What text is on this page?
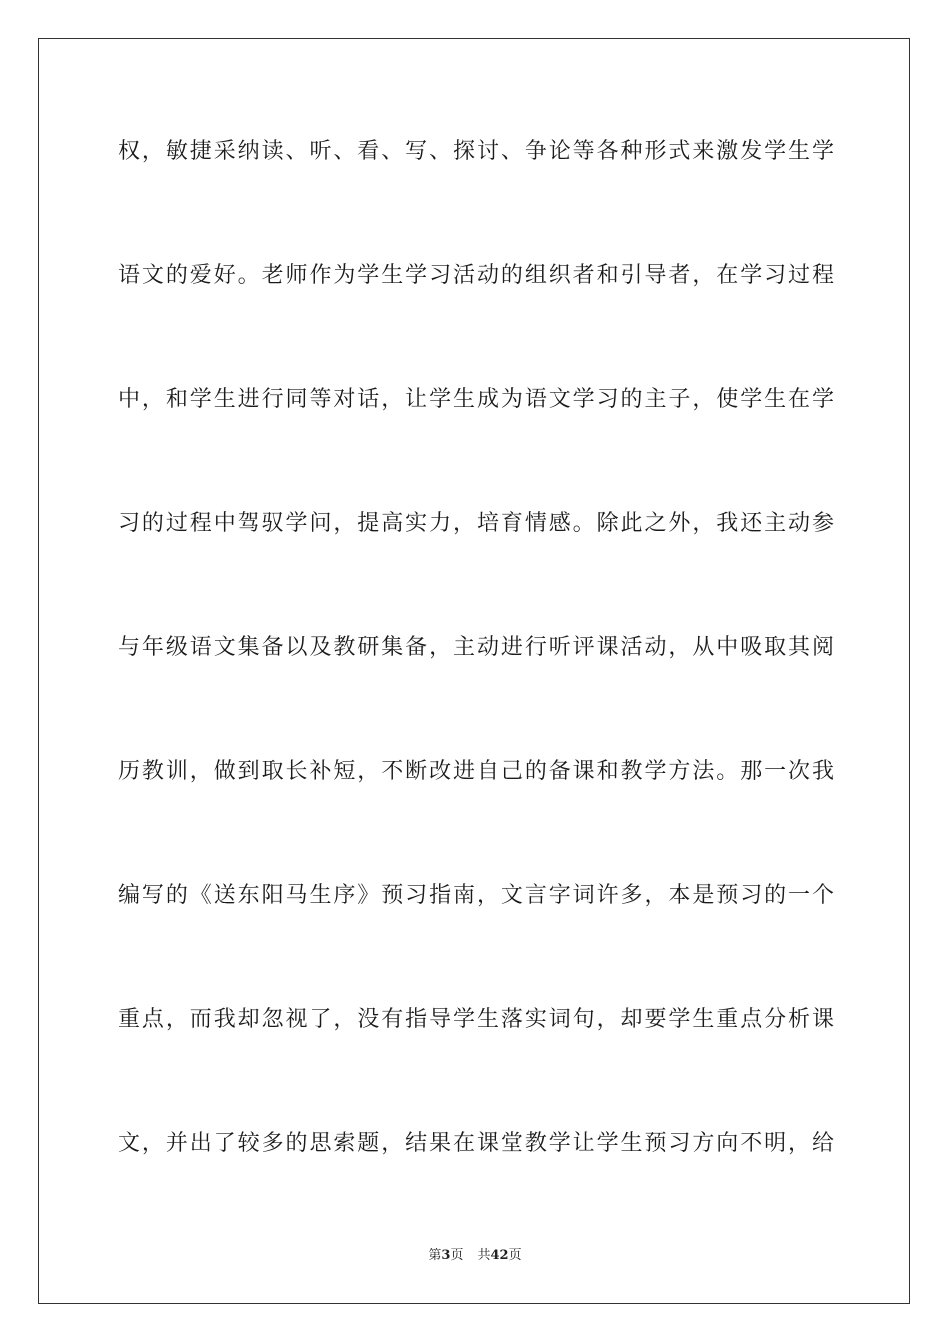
权，敏捷采纳读、听、看、写、探讨、争论等各种形式来激发学生学
语文的爱好。老师作为学生学习活动的组织者和引导者，在学习过程
中，和学生进行同等对话，让学生成为语文学习的主子，使学生在学
习的过程中驾驭学问，提高实力，培育情感。除此之外，我还主动参
与年级语文集备以及教研集备，主动进行听评课活动，从中吸取其阅
历教训，做到取长补短，不断改进自己的备课和教学方法。那一次我
编写的《送东阳马生序》预习指南，文言字词许多，本是预习的一个
重点，而我却忽视了，没有指导学生落实词句，却要学生重点分析课
文，并出了较多的思索题，结果在课堂教学让学生预习方向不明，给
第3页 共42页
